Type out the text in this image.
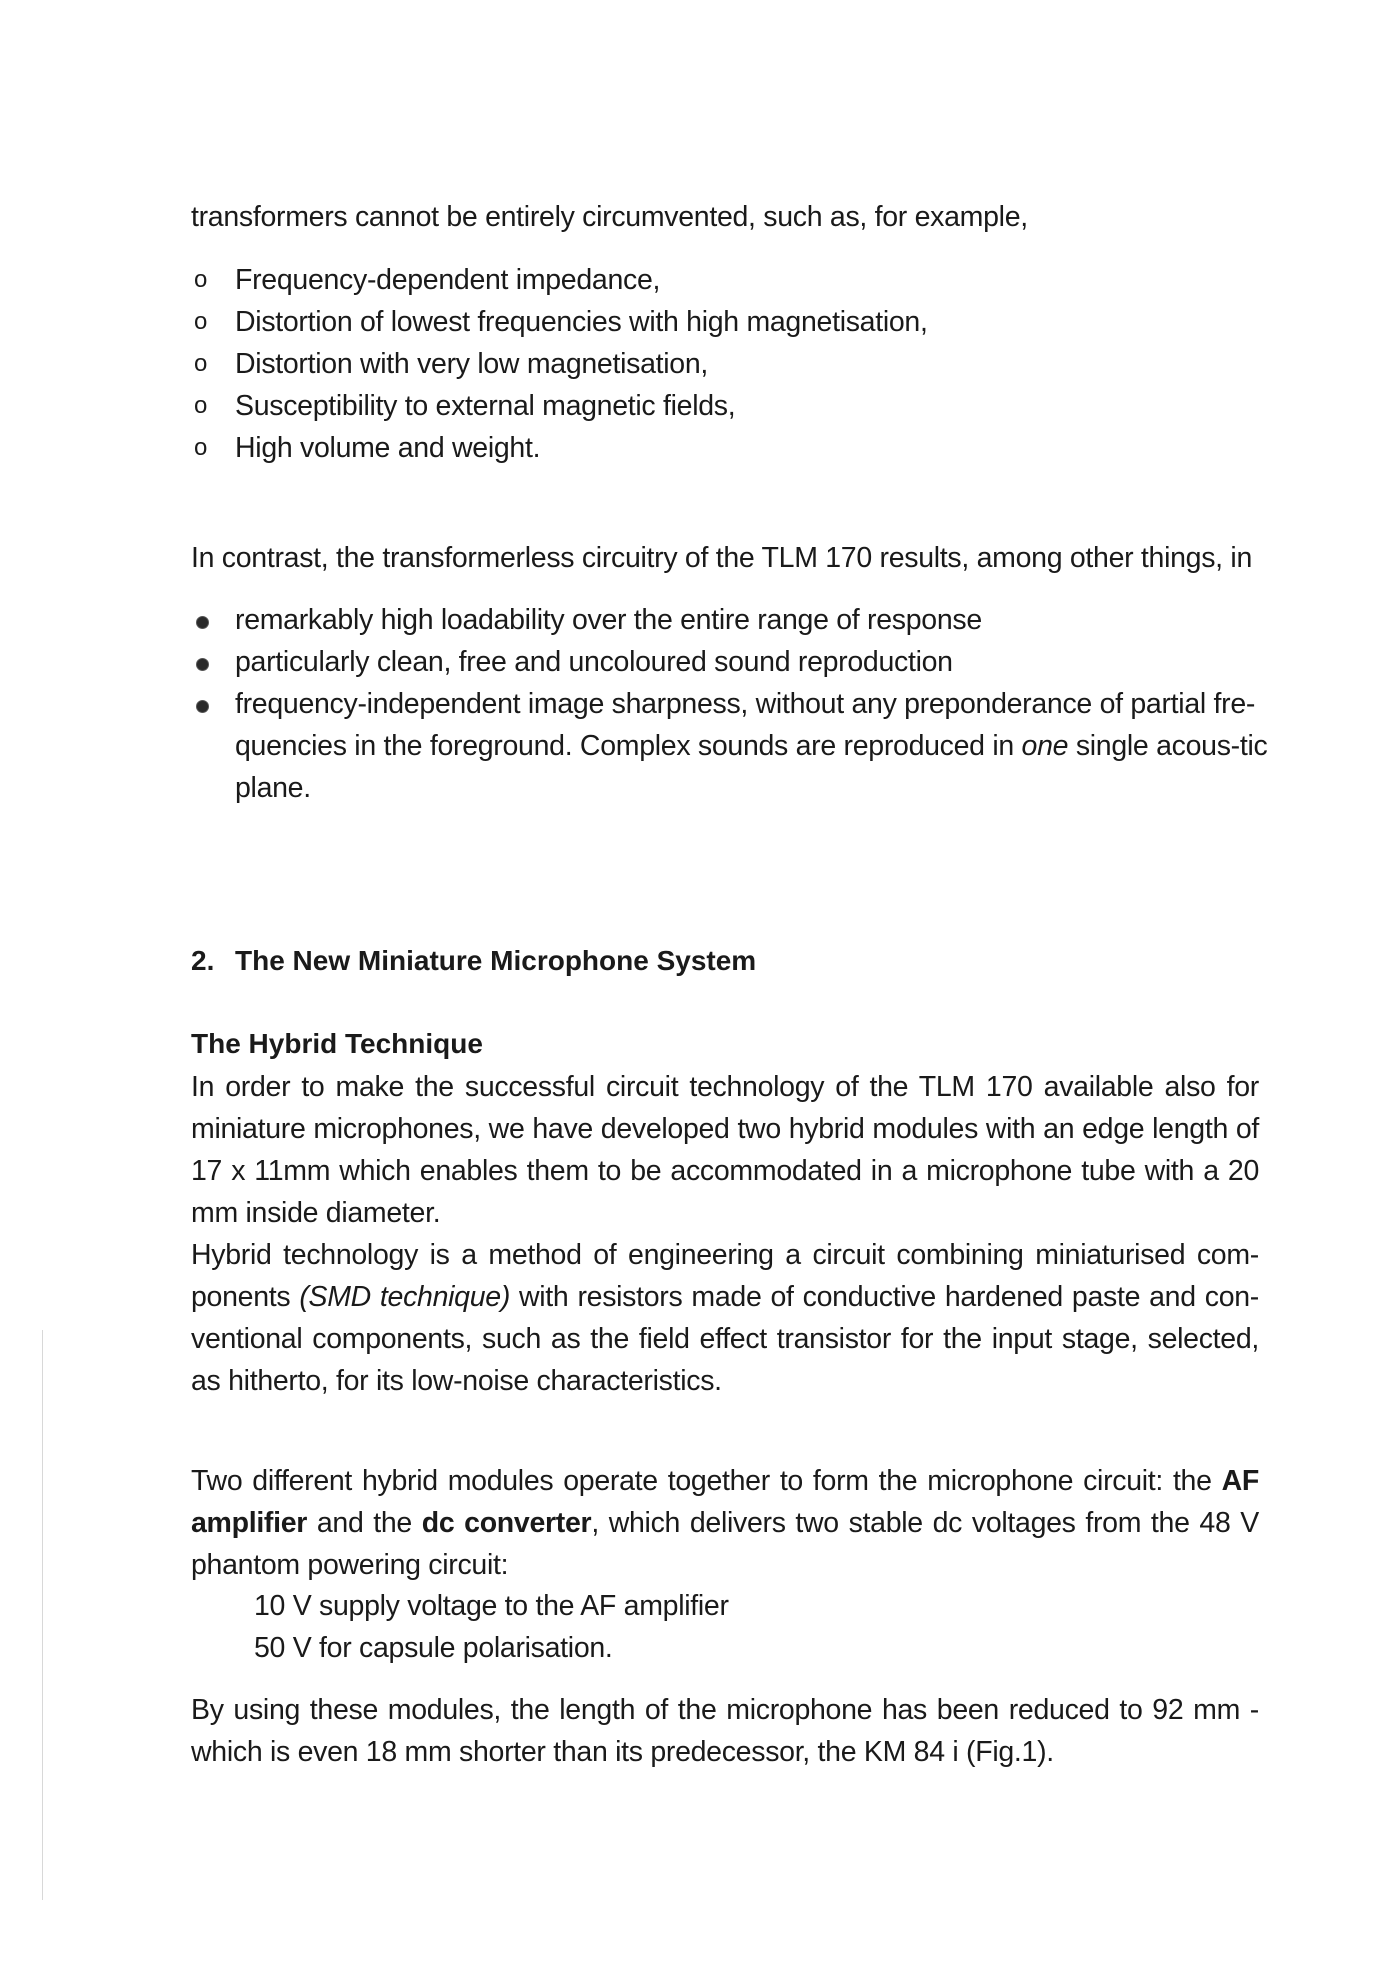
transformers cannot be entirely circumvented, such as, for example,
o Frequency-dependent impedance,
o Distortion of lowest frequencies with high magnetisation,
o Distortion with very low magnetisation,
o Susceptibility to external magnetic fields,
o High volume and weight.
In contrast, the transformerless circuitry of the TLM 170 results, among other things, in
remarkably high loadability over the entire range of response
particularly clean, free and uncoloured sound reproduction
frequency-independent image sharpness, without any preponderance of partial fre-quencies in the foreground. Complex sounds are reproduced in one single acous-tic plane.
2. The New Miniature Microphone System
The Hybrid Technique

In order to make the successful circuit technology of the TLM 170 available also for miniature microphones, we have developed two hybrid modules with an edge length of 17 x 11mm which enables them to be accommodated in a microphone tube with a 20 mm inside diameter.
Hybrid technology is a method of engineering a circuit combining miniaturised com-ponents (SMD technique) with resistors made of conductive hardened paste and con-ventional components, such as the field effect transistor for the input stage, selected, as hitherto, for its low-noise characteristics.

Two different hybrid modules operate together to form the microphone circuit: the AF amplifier and the dc converter, which delivers two stable dc voltages from the 48 V phantom powering circuit:

10 V supply voltage to the AF amplifier
50 V for capsule polarisation.

By using these modules, the length of the microphone has been reduced to 92 mm - which is even 18 mm shorter than its predecessor, the KM 84 i (Fig.1).
